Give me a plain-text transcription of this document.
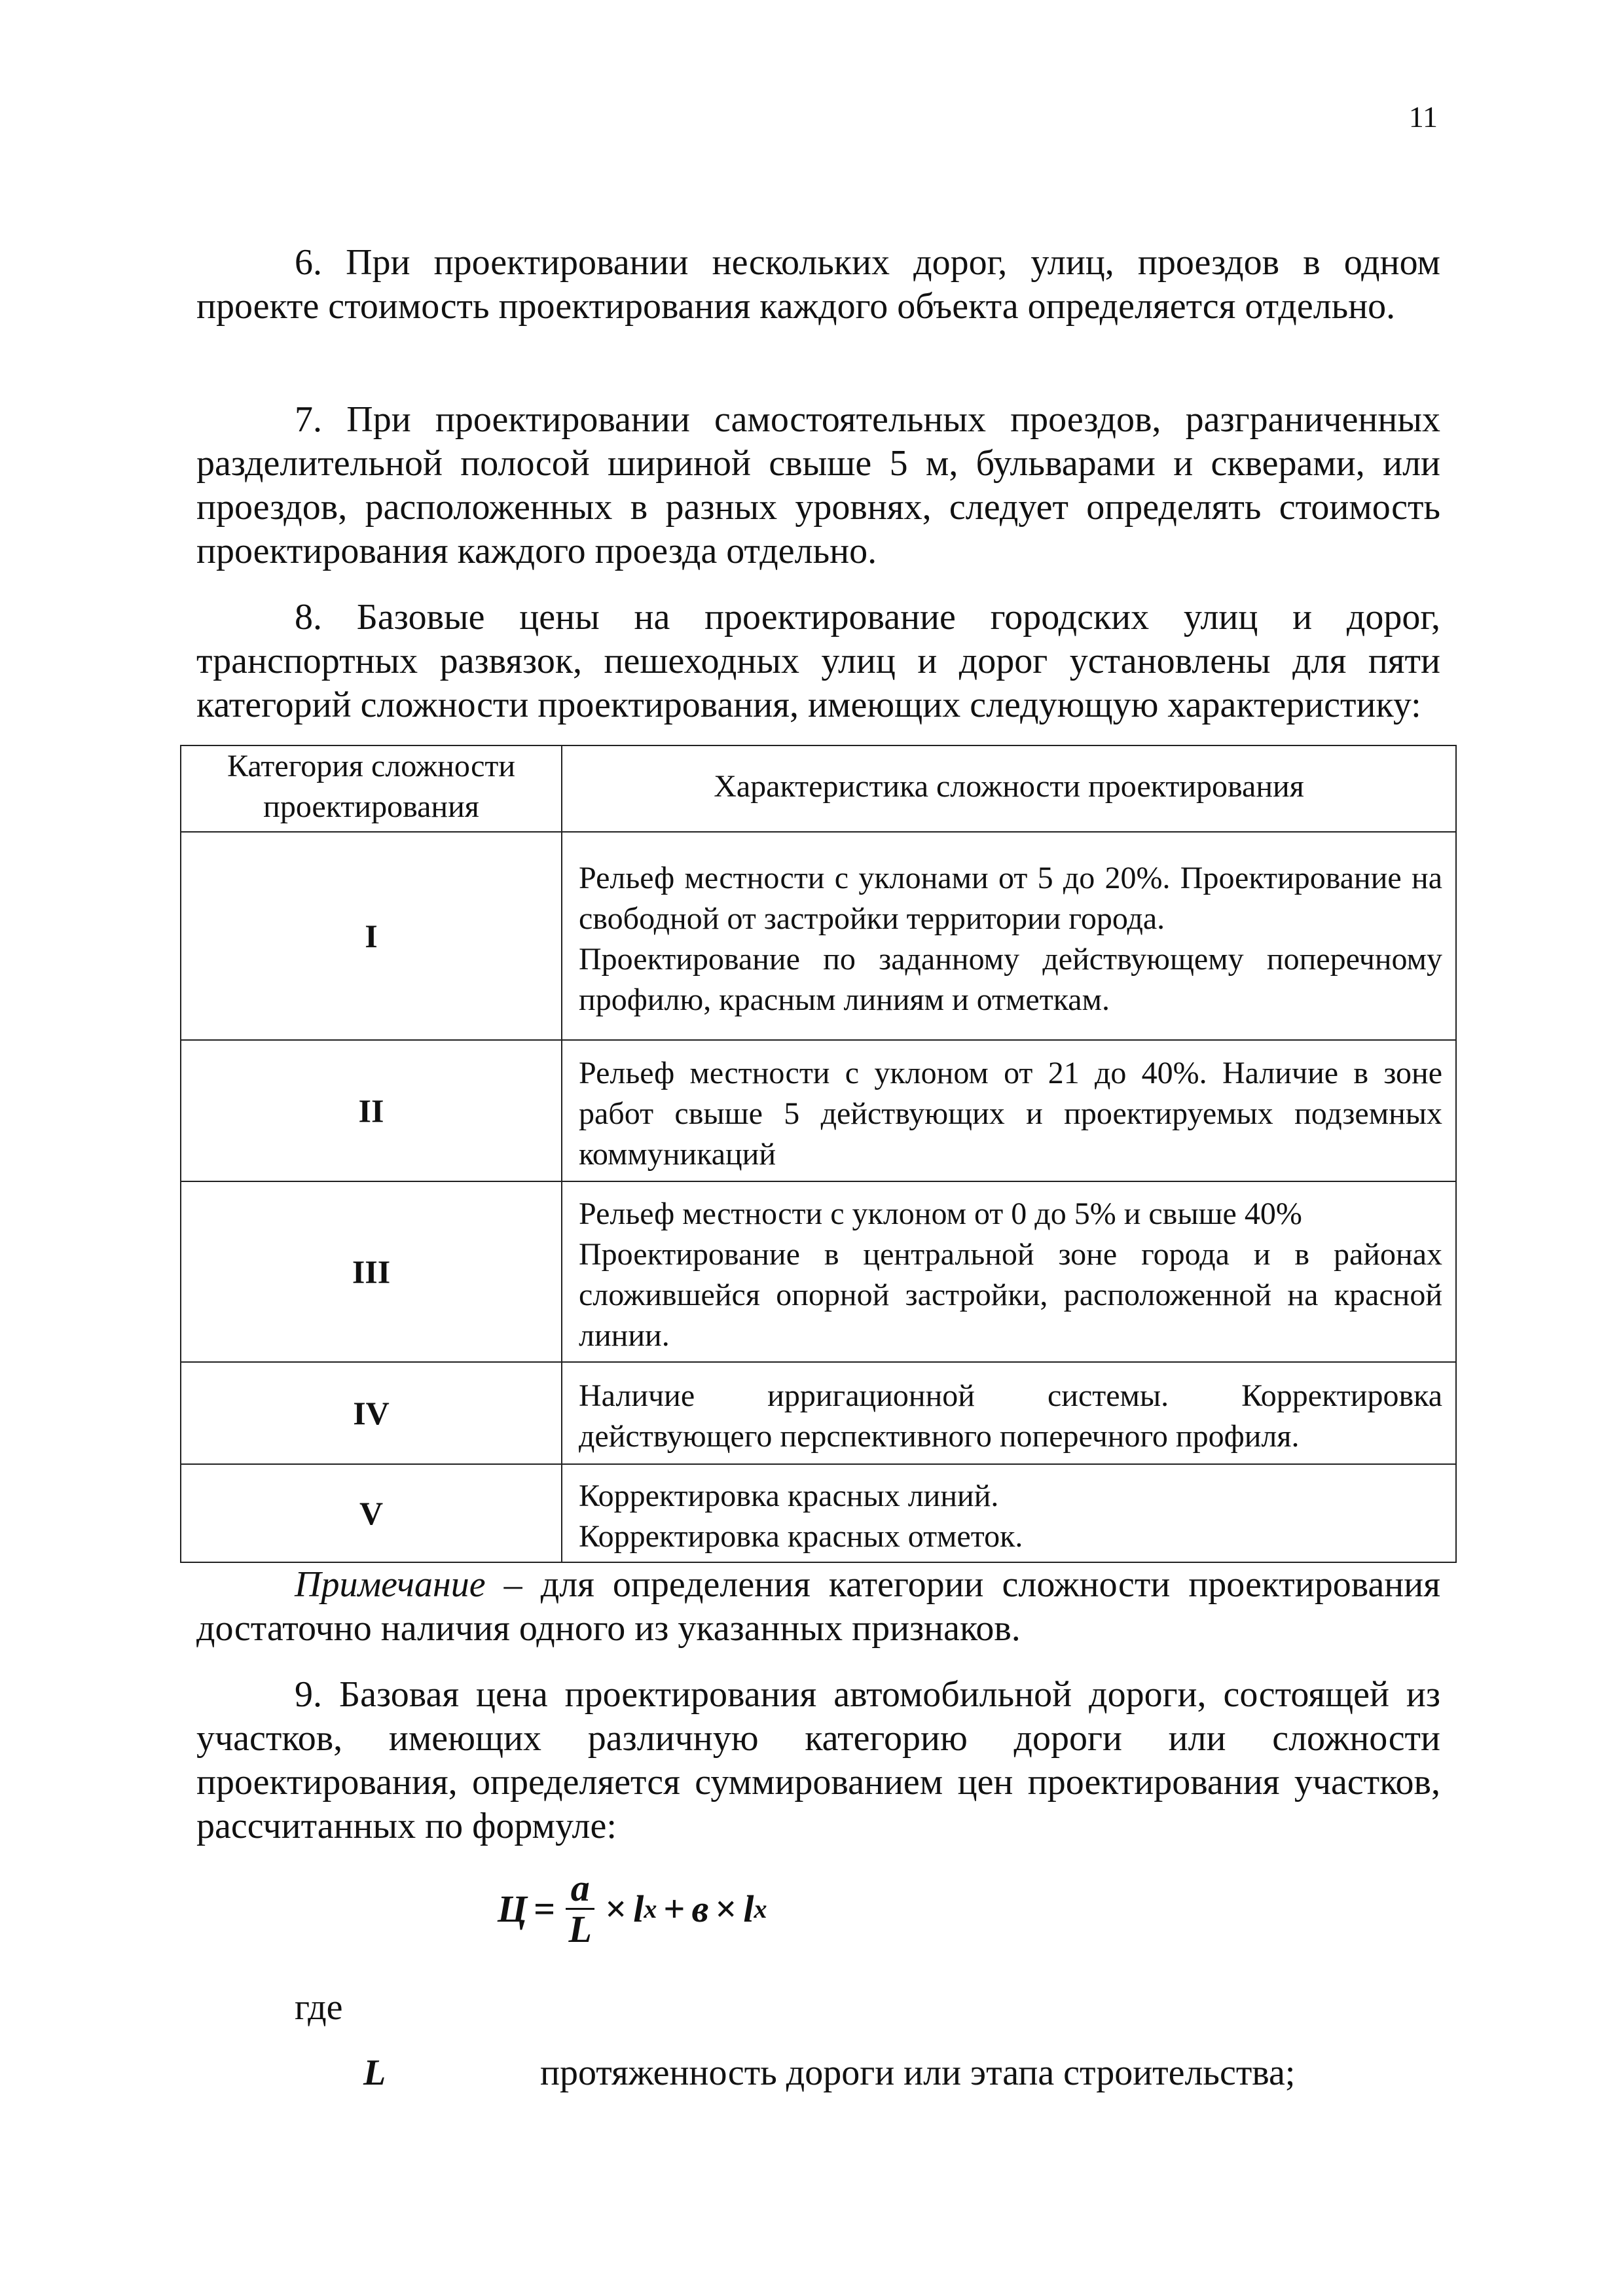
11

6. При проектировании нескольких дорог, улиц, проездов в одном проекте стоимость проектирования каждого объекта определяется отдельно.

7. При проектировании самостоятельных проездов, разграниченных разделительной полосой шириной свыше 5 м, бульварами и скверами, или проездов, расположенных в разных уровнях, следует определять стоимость проектирования каждого проезда отдельно.

8. Базовые цены на проектирование городских улиц и дорог, транспортных развязок, пешеходных улиц и дорог установлены для пяти категорий сложности проектирования, имеющих следующую характеристику:

Категория сложности проектирования	Характеристика сложности проектирования
I	Рельеф местности с уклонами от 5 до 20%. Проектирование на свободной от застройки территории города.
Проектирование по заданному действующему поперечному профилю, красным линиям и отметкам.

II	Рельеф местности с уклоном от 21 до 40%. Наличие в зоне работ свыше 5 действующих и проектируемых подземных коммуникаций

III	Рельеф местности с уклоном от 0 до 5% и свыше 40%
Проектирование в центральной зоне города и в районах сложившейся опорной застройки, расположенной на красной линии.

IV	Наличие ирригационной системы. Корректировка действующего перспективного поперечного профиля.

V	Корректировка красных линий.
Корректировка красных отметок.

Примечание – для определения категории сложности проектирования достаточно наличия одного из указанных признаков.

9. Базовая цена проектирования автомобильной дороги, состоящей из участков, имеющих различную категорию дороги или сложности проектирования, определяется суммированием цен проектирования участков, рассчитанных по формуле:

$Ц = \frac{a}{L} \times l$ x + в × l x
где
L	протяженность дороги или этапа строительства;
